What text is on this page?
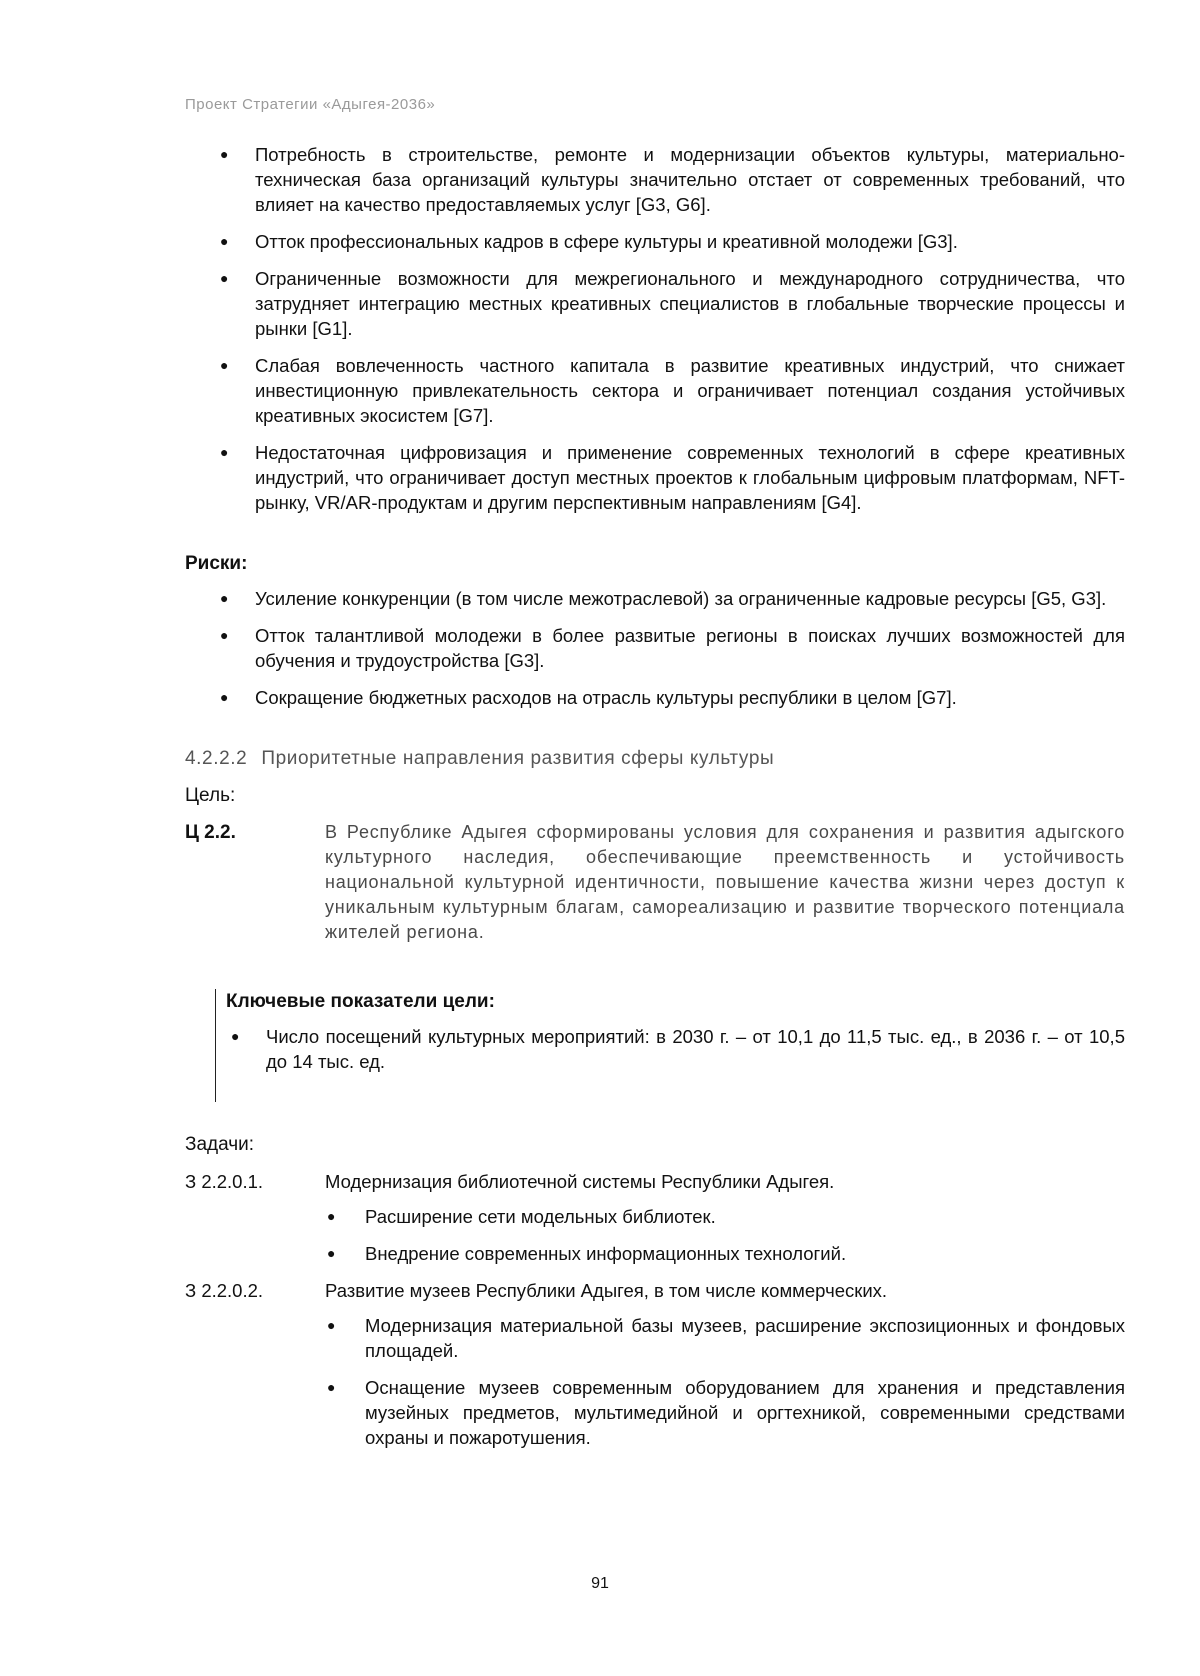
Проект Стратегии «Адыгея-2036»
● Потребность в строительстве, ремонте и модернизации объектов культуры, материально-техническая база организаций культуры значительно отстает от современных требований, что влияет на качество предоставляемых услуг [G3, G6].
● Отток профессиональных кадров в сфере культуры и креативной молодежи [G3].
● Ограниченные возможности для межрегионального и международного сотрудничества, что затрудняет интеграцию местных креативных специалистов в глобальные творческие процессы и рынки [G1].
● Слабая вовлеченность частного капитала в развитие креативных индустрий, что снижает инвестиционную привлекательность сектора и ограничивает потенциал создания устойчивых креативных экосистем [G7].
● Недостаточная цифровизация и применение современных технологий в сфере креативных индустрий, что ограничивает доступ местных проектов к глобальным цифровым платформам, NFT-рынку, VR/AR-продуктам и другим перспективным направлениям [G4].

Риски:

● Усиление конкуренции (в том числе межотраслевой) за ограниченные кадровые ресурсы [G5, G3].
● Отток талантливой молодежи в более развитые регионы в поисках лучших возможностей для обучения и трудоустройства [G3].
● Сокращение бюджетных расходов на отрасль культуры республики в целом [G7].
4.2.2.2 Приоритетные направления развития сферы культуры
Цель:
Ц 2.2.	В Республике Адыгея сформированы условия для сохранения и развития адыгского культурного наследия, обеспечивающие преемственность и устойчивость национальной культурной идентичности, повышение качества жизни через доступ к уникальным культурным благам, самореализацию и развитие творческого потенциала жителей региона.

Ключевые показатели цели:

● Число посещений культурных мероприятий: в 2030 г. – от 10,1 до 11,5 тыс. ед., в 2036 г. – от 10,5 до 14 тыс. ед.
Задачи:
З 2.2.0.1.	Модернизация библиотечной системы Республики Адыгея.
● Расширение сети модельных библиотек.
● Внедрение современных информационных технологий.
З 2.2.0.2.	Развитие музеев Республики Адыгея, в том числе коммерческих.
● Модернизация материальной базы музеев, расширение экспозиционных и фондовых площадей.
● Оснащение музеев современным оборудованием для хранения и представления музейных предметов, мультимедийной и оргтехникой, современными средствами охраны и пожаротушения.
91
